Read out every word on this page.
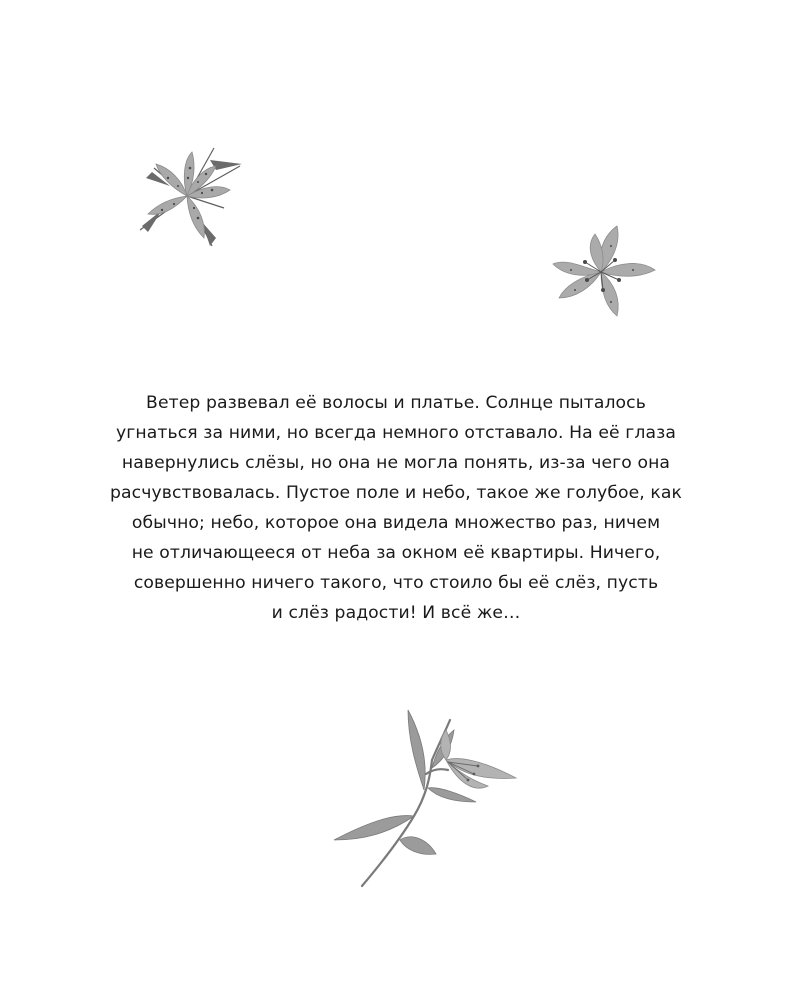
Ветер развевал её волосы и платье. Солнце пыталось
угнаться за ними, но всегда немного отставало. На её глаза
навернулись слёзы, но она не могла понять, из-за чего она
расчувствовалась. Пустое поле и небо, такое же голубое, как
обычно; небо, которое она видела множество раз, ничем
не отличающееся от неба за окном её квартиры. Ничего,
совершенно ничего такого, что стоило бы её слёз, пусть
и слёз радости! И всё же…
